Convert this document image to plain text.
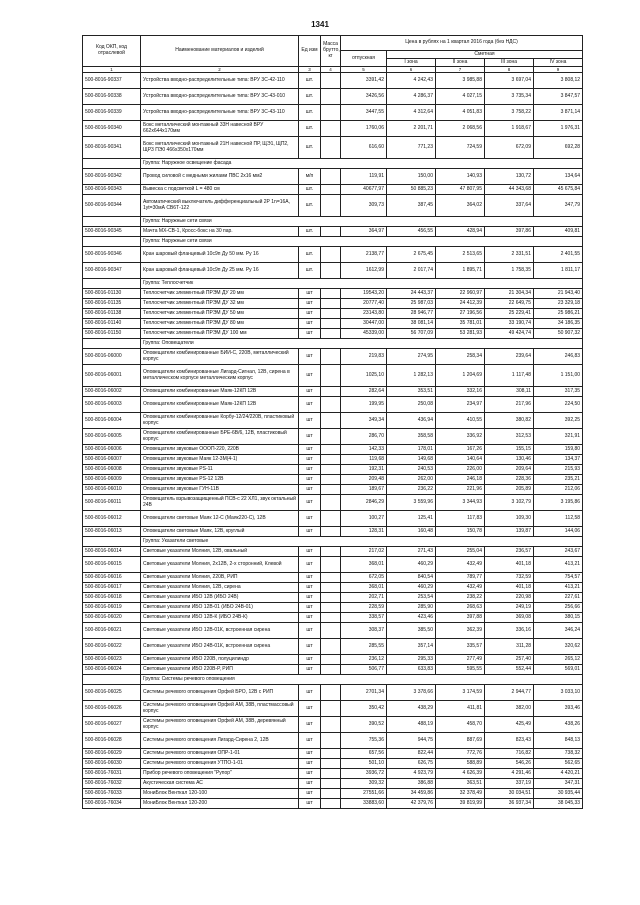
1341
Код ОКП, код отраслевой	Наименование материалов и изделий	Ед изм	Масса брутто, кг	Цена в рублях на 1 квартал 2016 года (без НДС)				
				отпускная	Сметная			
					I зона	II зона	III зона	IV зона
1	2	3	4	5	6	7	8	9
500-8016-90337	Устройства вводно-распределительные типа: ВРУ 3С-42-110	шт.		3391,42	4 242,43	3 985,88	3 697,04	3 808,12
500-8016-90338	Устройства вводно-распределительные типа: ВРУ 3С-43-010	шт.		3426,56	4 286,37	4 027,15	3 735,34	3 847,57
500-8016-90339	Устройства вводно-распределительные типа: ВРУ 3С-43-110	шт.		3447,55	4 312,64	4 051,83	3 758,22	3 871,14
500-8016-90340	Бокс металлический монтажный 33Н навесной ВРУ 662х644х170мм	шт.		1760,06	2 201,71	2 068,56	1 918,67	1 976,31
500-8016-90341	Бокс металлический монтажный 21Н навесной ПР, ЩЭ1, ЩП2, ЩР3 ПЭ0 466х350х170мм	шт.		616,60	771,23	724,59	672,09	692,28
	Группа: Наружное освещение фасада							
500-8016-90342	Провод силовой с медными жилами ПВС 2х16 мм2	м/п		119,91	150,00	140,93	130,72	134,64
500-8016-90343	Вывеска с подсветкой L = 480 см	шт.		40677,97	50 885,23	47 807,95	44 343,68	45 675,84
500-8016-90344	Автоматический выключатель дифференциальный 2Р 1n=16А, 1уt=30мА СВ6Т-122	шт.		309,73	387,45	364,02	337,64	347,79
	Группа: Наружные сети связи							
500-8016-90345	Мачта МХ-СВ-1, Кросс-бокс на 30 пар.	шт.		364,97	456,55	428,94	397,86	409,81
	Группа: Наружные сети связи							
500-8016-90346	Кран шаровый фланцевый 10с9п Ду 50 мм. Ру 16	шт.		2138,77	2 675,45	2 513,65	2 331,51	2 401,55
500-8016-90347	Кран шаровый фланцевый 10с9п Ду 25 мм. Ру 16	шт.		1612,99	2 017,74	1 895,71	1 758,35	1 811,17
	Группа: Теплосчетчик							
500-8016-01130	Теплосчетчик элементный ПРЭМ ДУ 20 мм	шт		19543,20	24 443,37	22 960,97	21 304,34	21 943,40
500-8016-01135	Теплосчетчик элементный ПРЭМ ДУ 32 мм	шт		20777,40	25 987,03	24 412,39	22 649,75	23 329,18
500-8016-01138	Теплосчетчик элементный ПРЭМ ДУ 50 мм	шт		23143,80	28 946,77	27 196,56	25 229,41	25 986,21
500-8016-01140	Теплосчетчик элементный ПРЭМ ДУ 80 мм	шт		30447,00	38 081,14	35 781,01	33 190,74	34 186,35
500-8016-01150	Теплосчетчик элементный ПРЭМ ДУ 100 мм	шт		45339,00	56 707,09	53 281,93	49 424,74	50 907,32
	Группа: Оповещатели							
500-8016-06000	Оповещатели комбинированные БИИ-С, 220В, металлический корпус	шт		219,83	274,95	258,34	239,64	246,83
500-8016-06001	Оповещатели комбинированные Лигард-Сигнал, 12В, сирена в металлическом корпусе металлическим корпус	шт		1025,10	1 282,13	1 204,69	1 117,48	1 151,00
500-8016-06002	Оповещатели комбинированные Маяк-12КП 12В	шт		282,64	353,51	332,16	308,11	317,35
500-8016-06003	Оповещатели комбинированные Маяк-12КП 12В	шт		199,95	250,08	234,97	217,96	224,50
500-8016-06004	Оповещатели комбинированные Корбу-12/24/220В, пластиковый корпус	шт		349,34	436,94	410,55	380,82	392,25
500-8016-06005	Оповещатели комбинированные БРЕ-6В/6, 12В, пластиковый корпус	шт		286,70	358,58	336,92	312,53	321,91
500-8016-06006	Оповещатели звуковые ОООП-220, 220В	шт		142,33	178,01	167,26	155,15	159,80
500-8016-06007	Оповещатели звуковые Маяк 12-3М(4-1)	шт		119,68	149,68	140,64	130,46	134,37
500-8016-06008	Оповещатели звуковые РS-11	шт		192,31	240,53	226,00	209,64	215,93
500-8016-06009	Оповещатели звуковые РS-12 12В	шт		209,48	262,00	246,18	228,36	235,21
500-8016-06010	Оповещатели звуковые ГУН-11В	шт		189,67	236,22	221,96	205,89	212,06
500-8016-06011	Оповещатель взрывозащищенный ПСВ-с 22 ХЛ1, звук октальный 24В	шт		2846,29	3 559,96	3 344,93	3 102,79	3 195,86
500-8016-06012	Оповещатели световые Маяк 12-С (Маяк220-С), 12В	шт		100,27	125,41	117,83	109,30	112,58
500-8016-06013	Оповещатели световые Маяк, 12В, круглый	шт		128,31	160,48	150,78	139,87	144,06
	Группа: Указатели световые							
500-8016-06014	Световые указатели Молния, 12В, овальный	шт		217,02	271,43	255,04	236,57	243,67
500-8016-06015	Световые указатели Молния, 2х12В, 2-х сторонний, Клевой	шт		368,01	460,29	432,49	401,18	413,21
500-8016-06016	Световые указатели Молния, 220В, РИП	шт		672,05	840,54	789,77	732,59	754,57
500-8016-06017	Световые указатели Молния, 12В, сирена	шт		368,01	460,29	432,49	401,18	413,21
500-8016-06018	Световые указатели ИБО 12В (ИБО 24В)	шт		202,71	253,54	238,22	220,98	227,61
500-8016-06019	Световые указатели ИБО 12В-01 (ИБО 24В-01)	шт		228,59	285,90	268,63	249,19	256,66
500-8016-06020	Световые указатели ИБО 12В-К (ИБО 24В-К)	шт		338,57	423,46	397,88	369,08	380,15
500-8016-06021	Световые указатели ИБО 12В-01К, встроенная сирена	шт		308,37	385,50	362,39	336,16	346,24
500-8016-06022	Световые указатели ИБО 24В-01К, встроенная сирена	шт		285,55	357,14	335,57	311,28	320,62
500-8016-06023	Световые указатели ИБО 220В, полуцилиндр	шт		236,12	295,33	277,49	257,40	265,12
500-8016-06024	Световые указатели ИБО 220В-Р, РИП	шт		506,77	633,83	595,55	552,44	569,01
	Группа: Системы речевого оповещения							
500-8016-06025	Системы речевого оповещения Орфей БРО, 12В с РИП	шт		2701,34	3 378,66	3 174,59	2 944,77	3 033,10
500-8016-06026	Системы речевого оповещения Орфей АМ, 38В, пластмассовый корпус	шт		350,42	438,29	411,81	382,00	393,46
500-8016-06027	Системы речевого оповещения Орфей АМ, 38В, деревянный корпус	шт		390,52	488,19	458,70	425,49	438,26
500-8016-06028	Системы речевого оповещения Лигард-Сирена 2, 12В	шт		755,36	944,75	887,69	823,43	848,13
500-8016-06029	Системы речевого оповещения ОПР-1-01	шт		657,56	822,44	772,76	716,82	738,32
500-8016-06030	Системы речевого оповещения УТПО-1-01	шт		501,10	626,75	588,89	546,26	562,65
500-8016-76031	Прибор речевого оповещения "Рупор"	шт		3936,72	4 923,79	4 626,39	4 291,46	4 420,21
500-8016-76032	Акустическая система АС	шт		309,32	386,88	363,51	337,19	347,31
500-8016-76033	МониБлок Венткал 120-100	шт		27551,66	34 459,86	32 378,49	30 034,51	30 935,44
500-8016-76034	МониБлок Венткал 120-200	шт		33883,60	42 379,76	39 819,99	36 937,34	38 045,33
